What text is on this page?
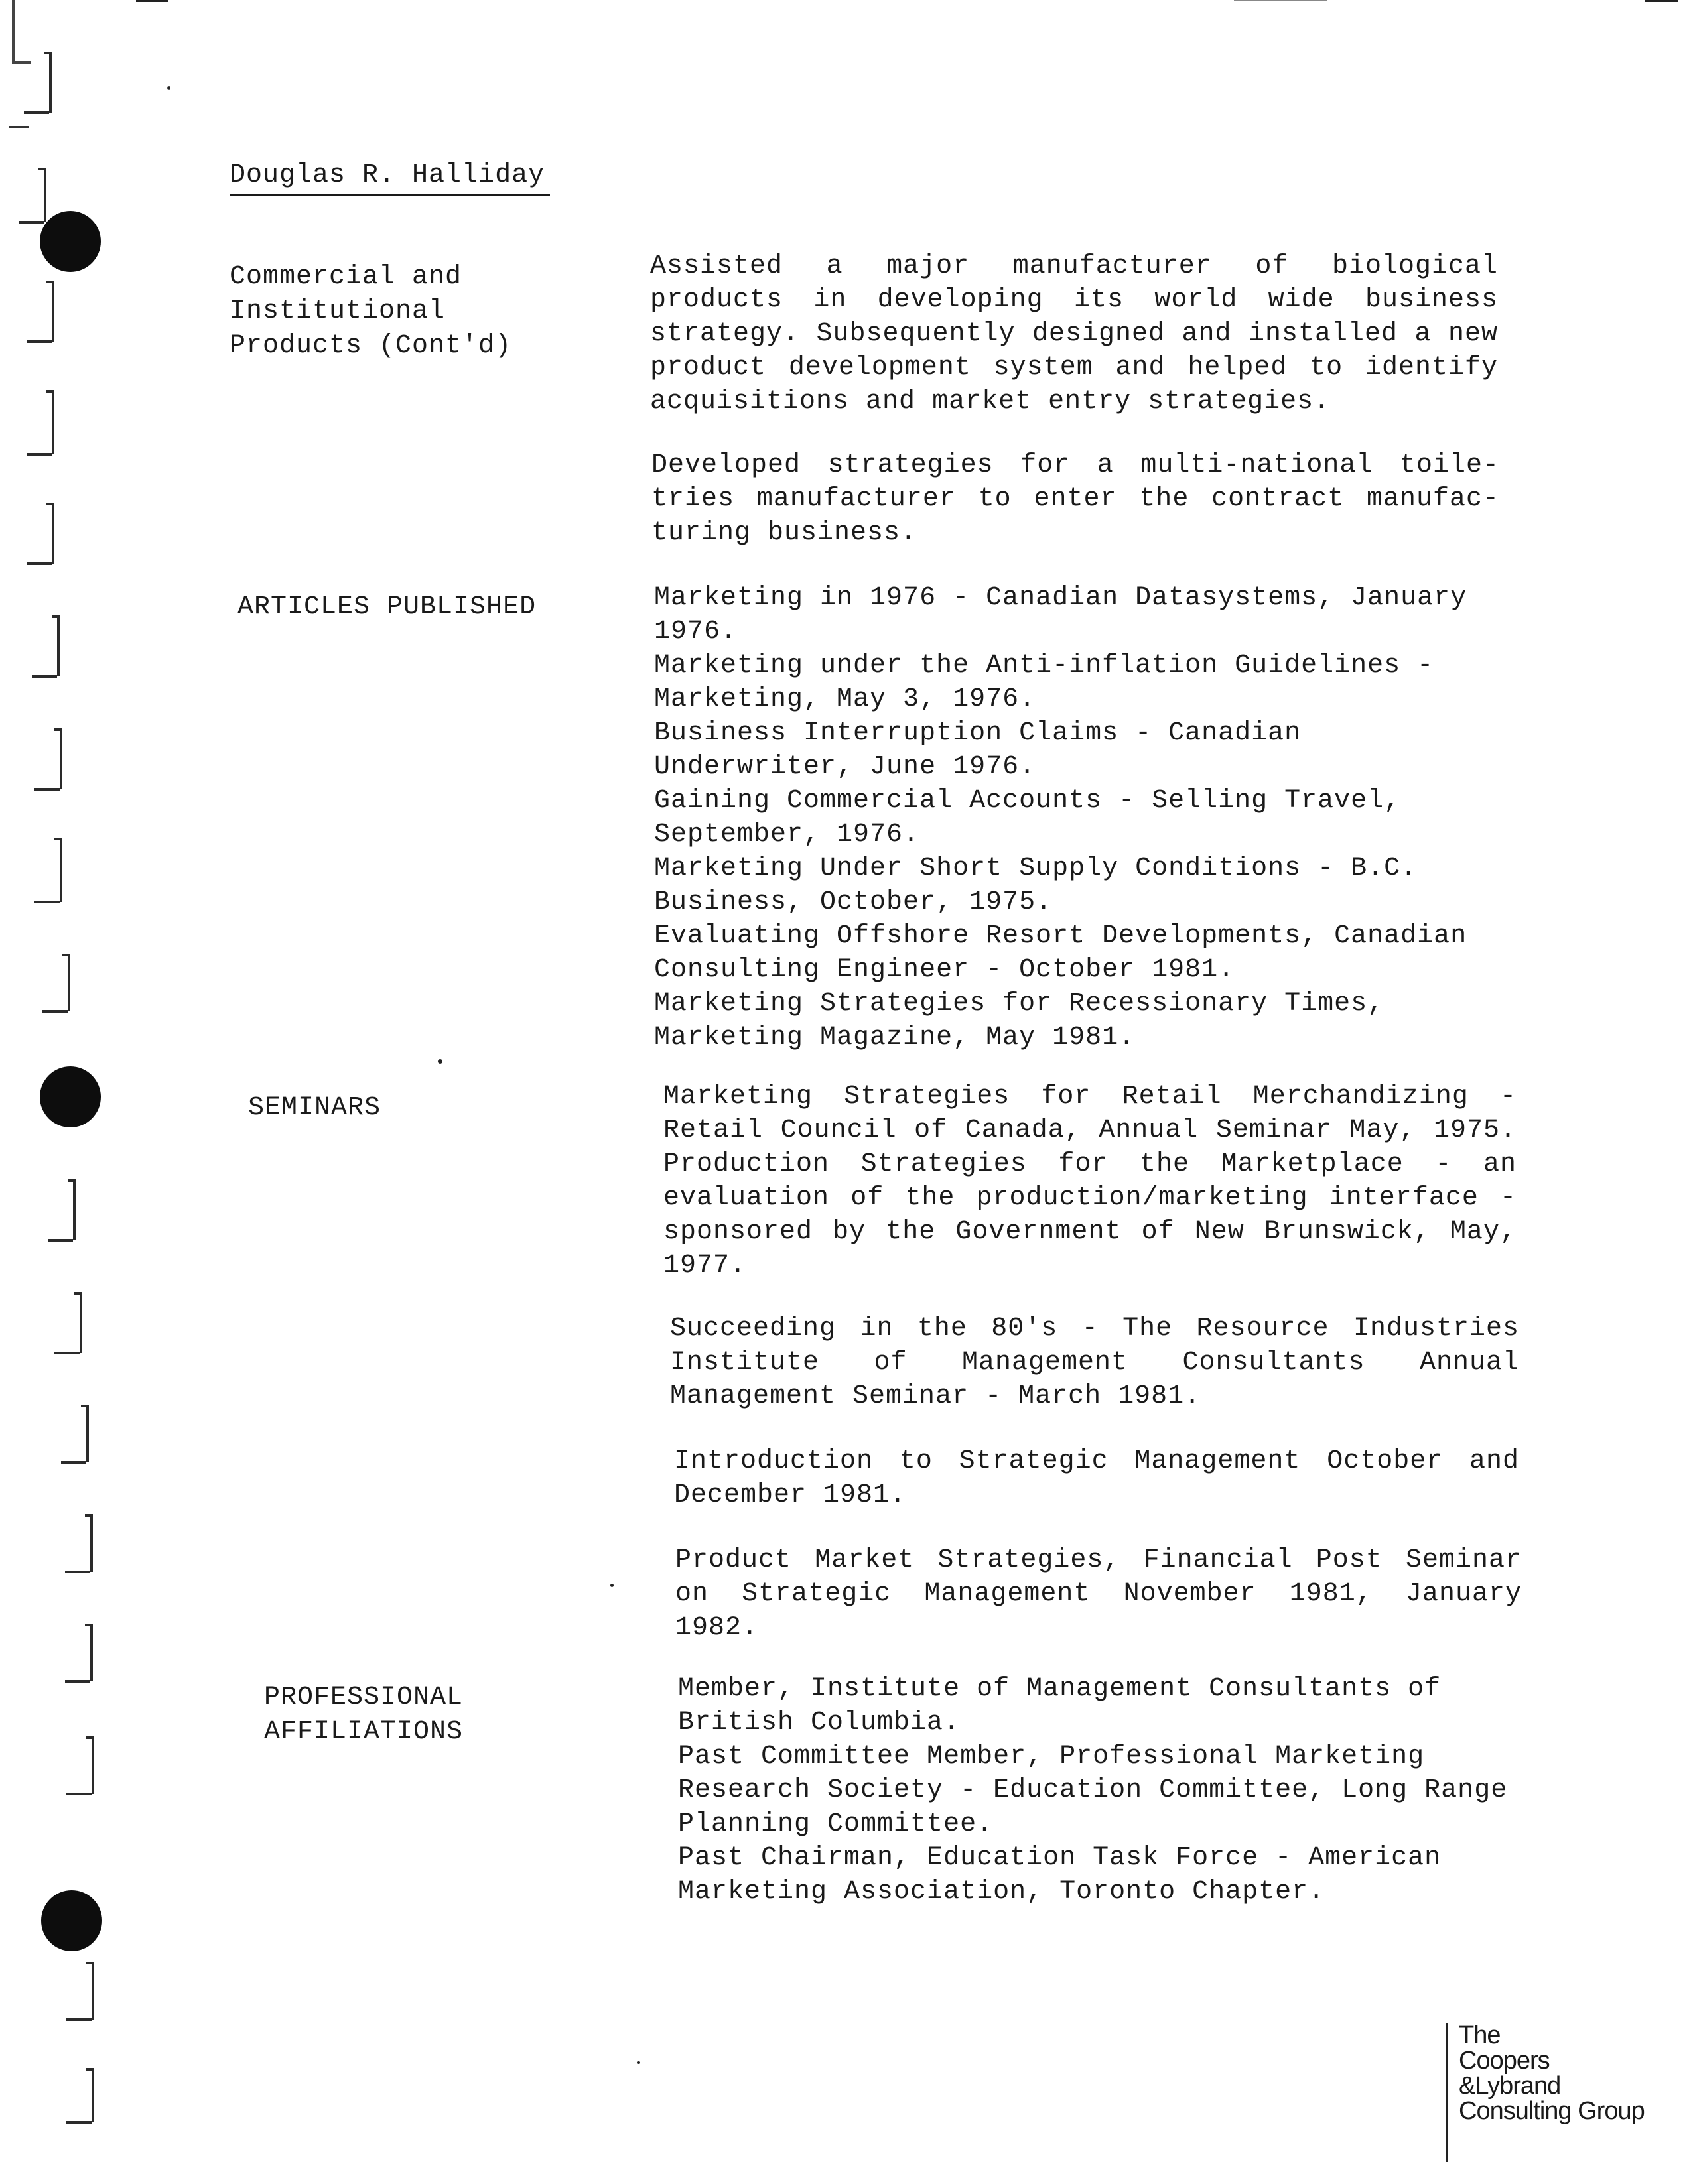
Douglas R. Halliday
Commercial and
Institutional
Products (Cont'd)
Assisted a major manufacturer of biological products in developing its world wide business strategy. Subsequently designed and installed a new product development system and helped to identify acquisitions and market entry strategies.
Developed strategies for a multi-national toile-tries manufacturer to enter the contract manufac-turing business.
ARTICLES PUBLISHED	Marketing in 1976 - Canadian Datasystems, January 1976.
Marketing under the Anti-inflation Guidelines - Marketing, May 3, 1976.
Business Interruption Claims - Canadian Underwriter, June 1976.
Gaining Commercial Accounts - Selling Travel, September, 1976.
Marketing Under Short Supply Conditions - B.C. Business, October, 1975.
Evaluating Offshore Resort Developments, Canadian Consulting Engineer - October 1981.
Marketing Strategies for Recessionary Times, Marketing Magazine, May 1981.
SEMINARS	Marketing Strategies for Retail Merchandizing - Retail Council of Canada, Annual Seminar May, 1975. Production Strategies for the Marketplace - an evaluation of the production/marketing interface - sponsored by the Government of New Brunswick, May, 1977.
Succeeding in the 80's - The Resource Industries Institute of Management Consultants Annual Management Seminar - March 1981.
Introduction to Strategic Management October and December 1981.
Product Market Strategies, Financial Post Seminar on Strategic Management November 1981, January 1982.
PROFESSIONAL
AFFILIATIONS
Member, Institute of Management Consultants of British Columbia.
Past Committee Member, Professional Marketing Research Society - Education Committee, Long Range Planning Committee.
Past Chairman, Education Task Force - American Marketing Association, Toronto Chapter.
The
Coopers
&Lybrand
Consulting Group
